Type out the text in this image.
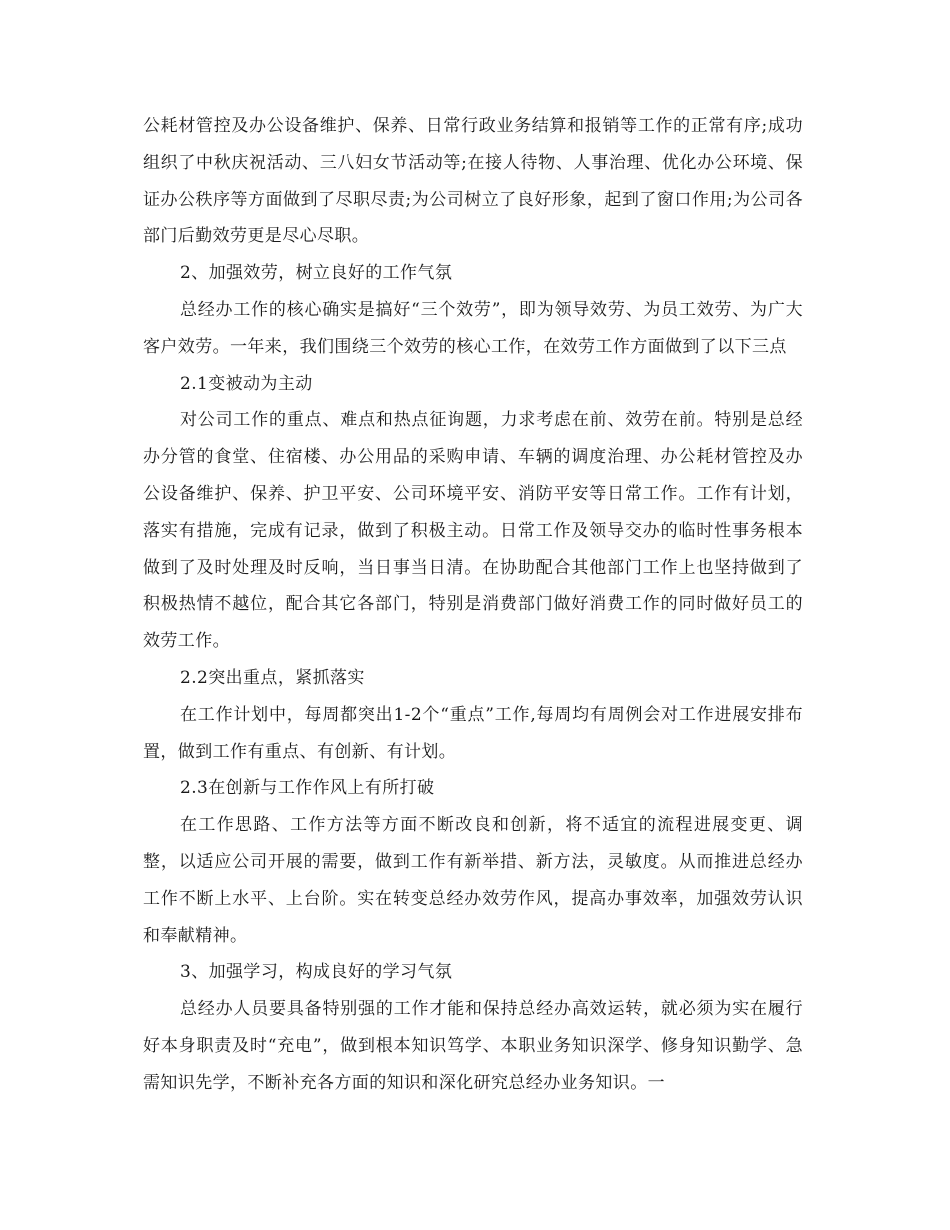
公耗材管控及办公设备维护、保养、日常行政业务结算和报销等工作的正常有序;成功组织了中秋庆祝活动、三八妇女节活动等;在接人待物、人事治理、优化办公环境、保证办公秩序等方面做到了尽职尽责;为公司树立了良好形象，起到了窗口作用;为公司各部门后勤效劳更是尽心尽职。

2、加强效劳，树立良好的工作气氛

总经办工作的核心确实是搞好“三个效劳”，即为领导效劳、为员工效劳、为广大客户效劳。一年来，我们围绕三个效劳的核心工作，在效劳工作方面做到了以下三点

2.1变被动为主动

对公司工作的重点、难点和热点征询题，力求考虑在前、效劳在前。特别是总经办分管的食堂、住宿楼、办公用品的采购申请、车辆的调度治理、办公耗材管控及办公设备维护、保养、护卫平安、公司环境平安、消防平安等日常工作。工作有计划，落实有措施，完成有记录，做到了积极主动。日常工作及领导交办的临时性事务根本做到了及时处理及时反响，当日事当日清。在协助配合其他部门工作上也坚持做到了积极热情不越位，配合其它各部门，特别是消费部门做好消费工作的同时做好员工的效劳工作。

2.2突出重点，紧抓落实

在工作计划中，每周都突出1-2个“重点”工作,每周均有周例会对工作进展安排布置，做到工作有重点、有创新、有计划。

2.3在创新与工作作风上有所打破

在工作思路、工作方法等方面不断改良和创新，将不适宜的流程进展变更、调整，以适应公司开展的需要，做到工作有新举措、新方法，灵敏度。从而推进总经办工作不断上水平、上台阶。实在转变总经办效劳作风，提高办事效率，加强效劳认识和奉献精神。

3、加强学习，构成良好的学习气氛

总经办人员要具备特别强的工作才能和保持总经办高效运转，就必须为实在履行好本身职责及时“充电”，做到根本知识笃学、本职业务知识深学、修身知识勤学、急需知识先学，不断补充各方面的知识和深化研究总经办业务知识。一
